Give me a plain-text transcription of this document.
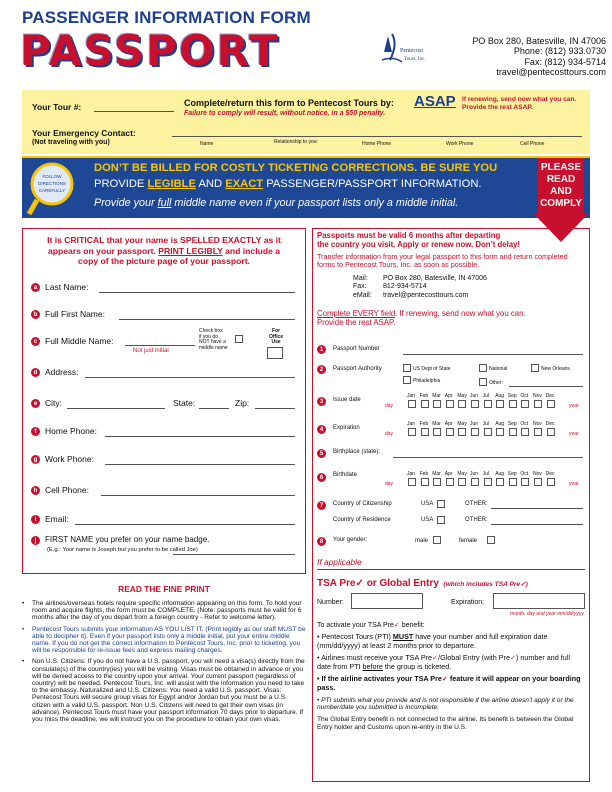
PASSENGER INFORMATION FORM
PASSPORT	Pentecost
Tours, Inc.
PO Box 280, Batesville, IN 47006
Phone: (812) 933.0730
Fax: (812) 934-5714
travel@pentecosttours.com
Your Tour #:	Complete/return this form to Pentecost Tours by: ASAP
Failure to comply will result, without notice, in a $50 penalty.
If renewing, send now what you can. Provide the rest ASAP.
Your Emergency Contact:
(Not traveling with you)	Name	Relationship to you:	Home Phone	Work Phone	Cell Phone
DON’T BE BILLED FOR COSTLY TICKETING CORRECTIONS. BE SURE YOU
PROVIDE LEGIBLE AND EXACT PASSENGER/PASSPORT INFORMATION.
Provide your full middle name even if your passport lists only a middle initial.
FOLLOW
DIRECTIONS
CAREFULLY
PLEASE
READ
AND
COMPLY
It is CRITICAL that your name is SPELLED EXACTLY as it
appears on your passport. PRINT LEGIBLY and include a
copy of the picture page of your passport.
a Last Name:
b Full First Name:
c Full Middle Name:
Not just initial
Check box
if you do
NOT have a
middle name
For
Office
Use
d Address:
e City:	State:	Zip:
f	Home Phone:
g Work Phone:
h Cell Phone:
i	Email:
j	FIRST NAME you prefer on your name badge.
(E.g.: Your name is Joseph but you prefer to be called Joe)
READ THE FINE PRINT

• The airlines/overseas hotels require specific information appearing on this form. To hold your room and acquire flights, the form must be COMPLETE. (Note: passports must be valid for 6 months after the day of you depart from a foreign country - Refer to welcome letter).

• Pentecost Tours submits your information AS YOU LIST IT. (Print legibly as our staff MUST be able to decipher it). Even if your passport lists only a middle initial, put your entire middle name. If you do not get the correct information to Pentecost Tours, Inc. prior to ticketing, you will be responsible for re-issue fees and express mailing charges.

• Non U.S. Citizens: If you do not have a U.S. passport, you will need a visa(s) directly from the consulate(s) of the country(ies) you will be visiting. Visas must be obtained in advance or you will be denied access to the country upon your arrival. Your current passport (regardless of country) will be needed. Pentecost Tours, Inc. will assist with the information you need to take to the embassy. Naturalized and U.S. Citizens: You need a valid U.S. passport. Visas: Pentecost Tours will secure group visas for Egypt and/or Jordan but you must be a U.S. citizen with a valid U.S. passport. Non U.S. Citizens will need to get their own visas (in advance). Pentecost Tours must have your passport information 70 days prior to departure. If you miss the deadline, we will instruct you on the procedure to obtain your own visas.

Passports must be valid 6 months after departing
the country you visit. Apply or renew now. Don’t delay!
Transfer information from your legal passport to this form and return completed forms to Pentecost Tours, Inc. as soon as possible.
Mail: PO Box 280, Batesville, IN 47006
Fax: 812-934-5714
eMail: travel@pentecosttours.com
Complete EVERY field. If renewing, send now what you can.
Provide the rest ASAP.
1	Passport Number
2	Passport Authority	US Dept of State	National	New Orleans
Philadelphia	Other:
3	Issue date
Jan Feb Mar Apr May Jun Jul Aug Sep Oct Nov Dec
day	year
4	Expiration
Jan Feb Mar Apr May Jun Jul Aug Sep Oct Nov Dec
day	year
5	Birthplace (state):
6	Birthdate	Jan Feb Mar Apr May Jun Jul Aug Sep Oct Nov Dec
day	year
7	Country of Citizenship	USA	OTHER:
Country of Residence	USA	OTHER:
8	Your gender:	male	female
If applicable
TSA Pre✓ or Global Entry (which includes TSA Pre✓)
Number:	Expiration:
month, day and year mm/dd/yyyy
To activate your TSA Pre✓ benefit:
• Pentecost Tours (PTI) MUST have your number and full expiration date (mm/dd/yyyy) at least 2 months prior to departure.
• Airlines must receive your TSA Pre✓/Global Entry (with Pre✓) number and full date from PTI before the group is ticketed.
• If the airline activates your TSA Pre✓ feature it will appear on your boarding pass.
• PTI submits what you provide and is not responsible if the airline doesn’t apply it or the number/date you submitted is incomplete.
The Global Entry benefit is not connected to the airline. Its benefit is between the Global Entry holder and Customs upon re-entry in the U.S.
